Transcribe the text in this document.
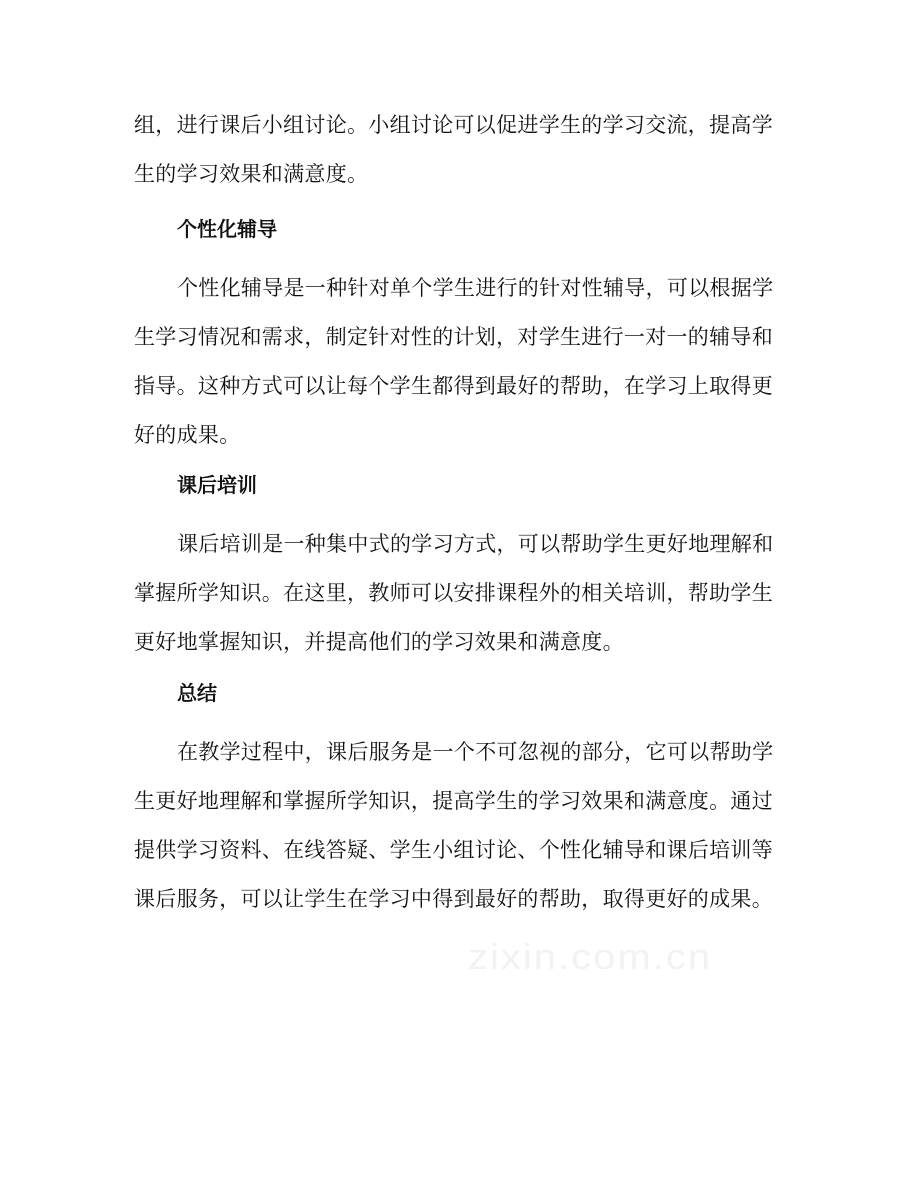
组，进行课后小组讨论。小组讨论可以促进学生的学习交流，提高学生的学习效果和满意度。

个性化辅导

个性化辅导是一种针对单个学生进行的针对性辅导，可以根据学生学习情况和需求，制定针对性的计划，对学生进行一对一的辅导和指导。这种方式可以让每个学生都得到最好的帮助，在学习上取得更好的成果。

课后培训

课后培训是一种集中式的学习方式，可以帮助学生更好地理解和掌握所学知识。在这里，教师可以安排课程外的相关培训，帮助学生更好地掌握知识，并提高他们的学习效果和满意度。

总结

在教学过程中，课后服务是一个不可忽视的部分，它可以帮助学生更好地理解和掌握所学知识，提高学生的学习效果和满意度。通过提供学习资料、在线答疑、学生小组讨论、个性化辅导和课后培训等课后服务，可以让学生在学习中得到最好的帮助，取得更好的成果。

zixin.com.cn
